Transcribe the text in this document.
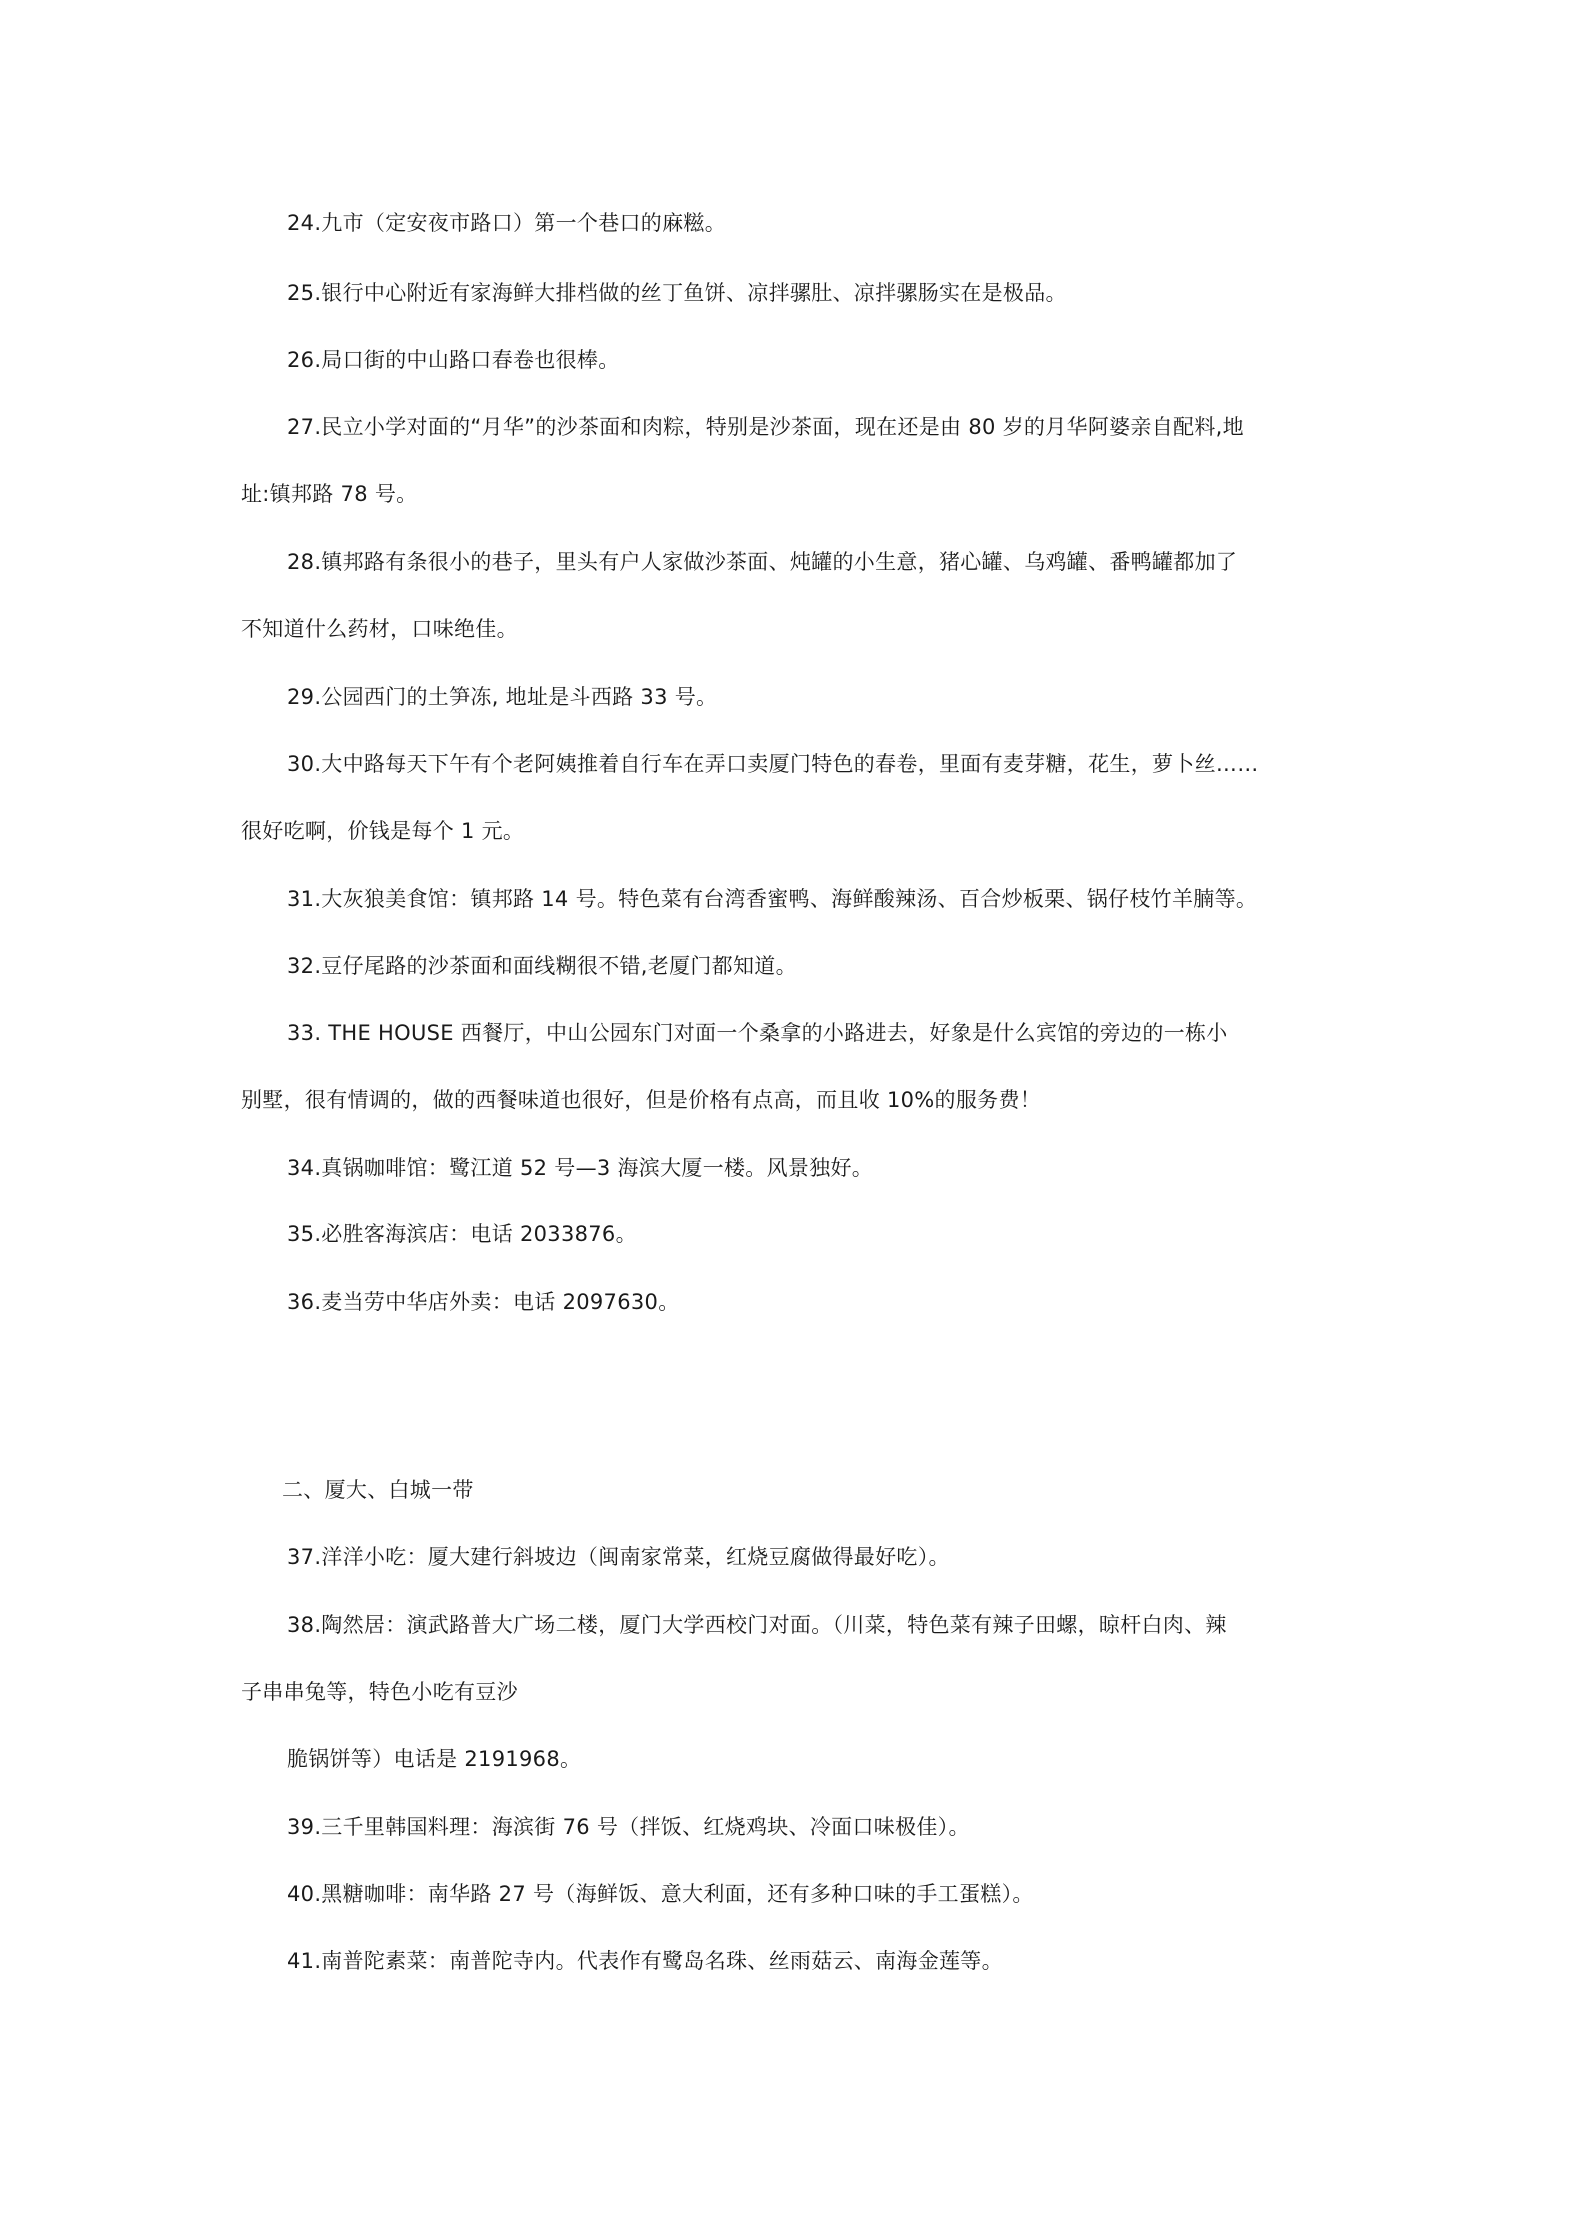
24.九市（定安夜市路口）第一个巷口的麻糍。
25.银行中心附近有家海鲜大排档做的丝丁鱼饼、凉拌骡肚、凉拌骡肠实在是极品。
26.局口街的中山路口春卷也很棒。
27.民立小学对面的“月华”的沙茶面和肉粽，特别是沙茶面，现在还是由 80 岁的月华阿婆亲自配料,地
址:镇邦路 78 号。
28.镇邦路有条很小的巷子，里头有户人家做沙茶面、炖罐的小生意，猪心罐、乌鸡罐、番鸭罐都加了
不知道什么药材，口味绝佳。
29.公园西门的土笋冻, 地址是斗西路 33 号。
30.大中路每天下午有个老阿姨推着自行车在弄口卖厦门特色的春卷，里面有麦芽糖，花生，萝卜丝……
很好吃啊，价钱是每个 1 元。
31.大灰狼美食馆：镇邦路 14 号。特色菜有台湾香蜜鸭、海鲜酸辣汤、百合炒板栗、锅仔枝竹羊腩等。
32.豆仔尾路的沙茶面和面线糊很不错,老厦门都知道。
33. THE HOUSE 西餐厅，中山公园东门对面一个桑拿的小路进去，好象是什么宾馆的旁边的一栋小
别墅，很有情调的，做的西餐味道也很好，但是价格有点高，而且收 10%的服务费！
34.真锅咖啡馆：鹭江道 52 号—3 海滨大厦一楼。风景独好。
35.必胜客海滨店：电话 2033876。
36.麦当劳中华店外卖：电话 2097630。
二、厦大、白城一带
37.洋洋小吃：厦大建行斜坡边（闽南家常菜，红烧豆腐做得最好吃）。
38.陶然居：演武路普大广场二楼，厦门大学西校门对面。（川菜，特色菜有辣子田螺，晾杆白肉、辣
子串串兔等，特色小吃有豆沙
脆锅饼等）电话是 2191968。
39.三千里韩国料理：海滨街 76 号（拌饭、红烧鸡块、冷面口味极佳）。
40.黑糖咖啡：南华路 27 号（海鲜饭、意大利面，还有多种口味的手工蛋糕）。
41.南普陀素菜：南普陀寺内。代表作有鹭岛名珠、丝雨菇云、南海金莲等。
